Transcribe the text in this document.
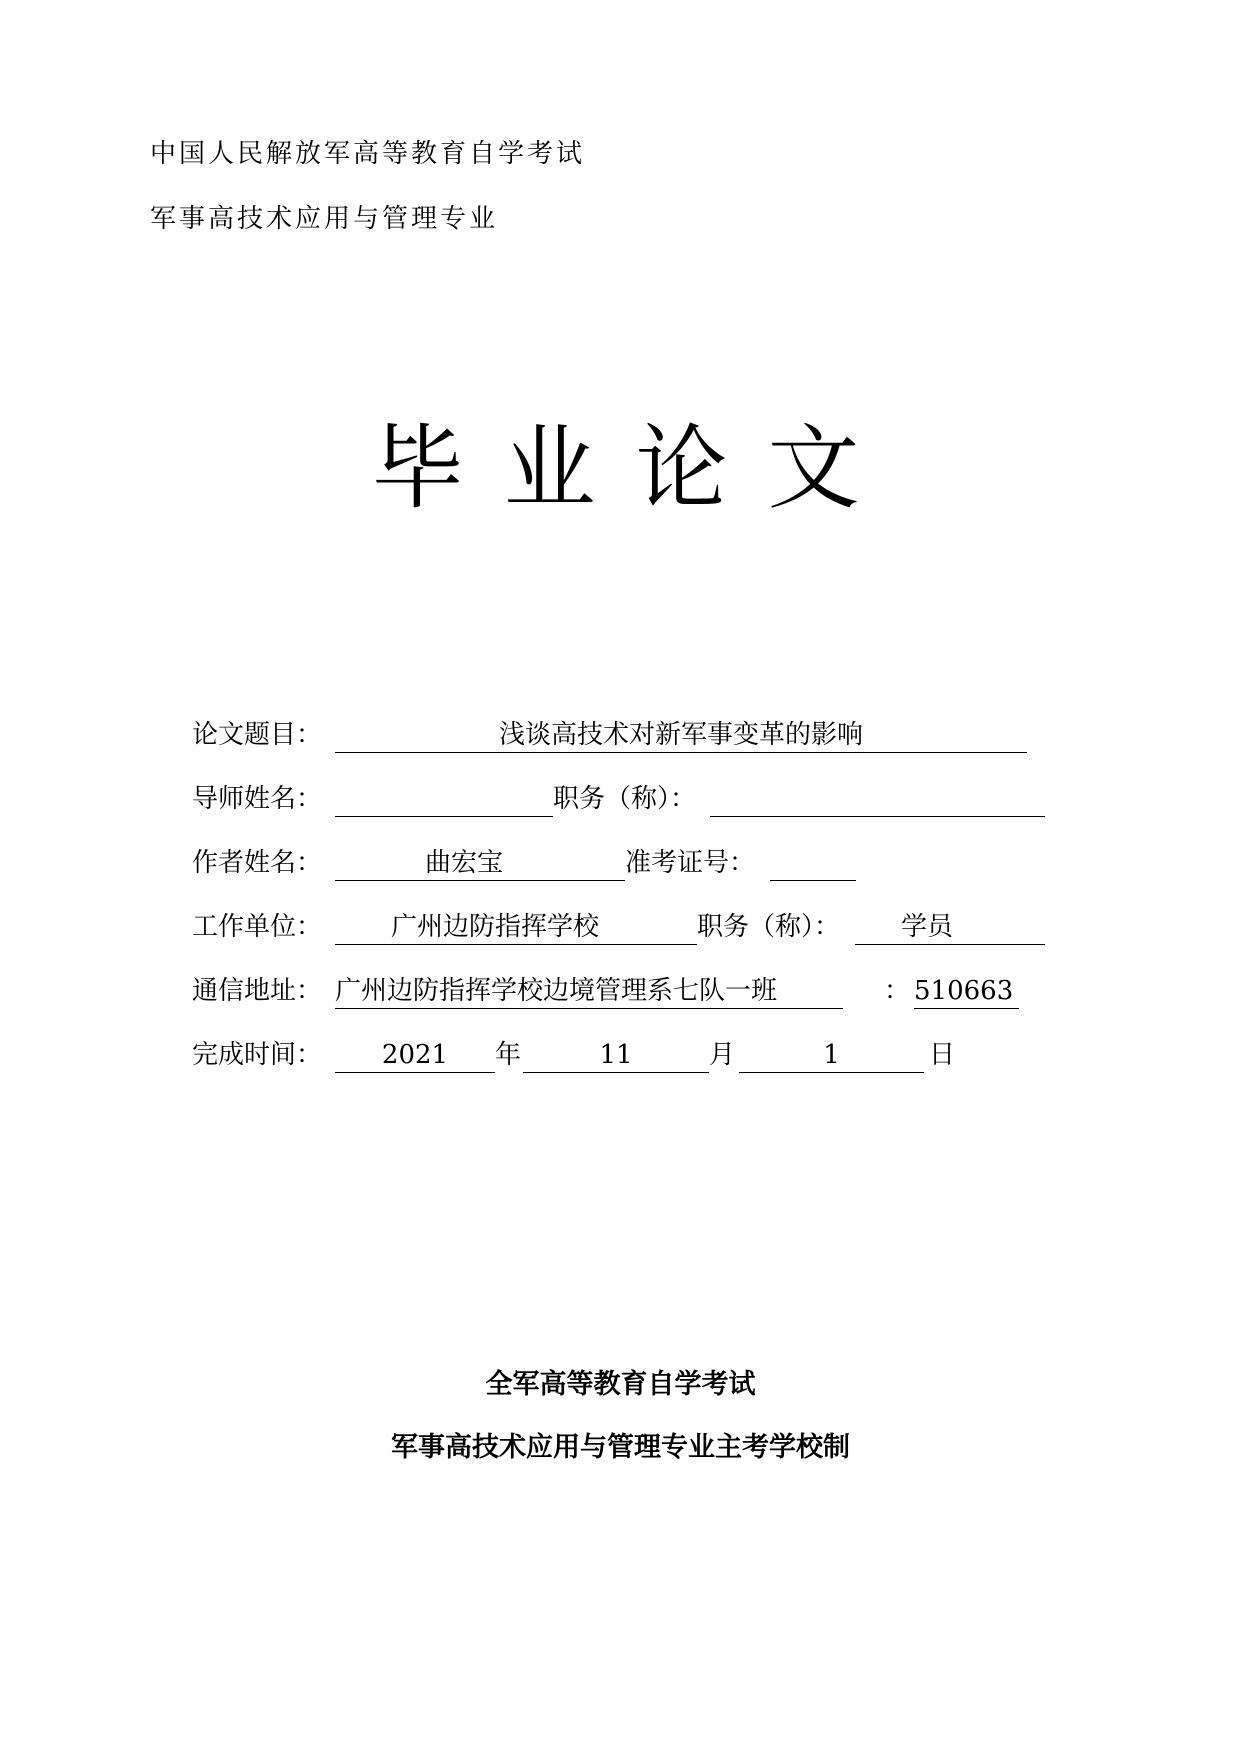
中国人民解放军高等教育自学考试
军事高技术应用与管理专业
毕业论文
论文题目：	浅谈高技术对新军事变革的影响
导师姓名：	职务（称）：
作者姓名：	曲宏宝	准考证号：
工作单位：	广州边防指挥学校	职务（称）：	学员
通信地址： 广州边防指挥学校边境管理系七队一班	： 510663
完成时间：	2021	年	11	月	1	日
全军高等教育自学考试
军事高技术应用与管理专业主考学校制
